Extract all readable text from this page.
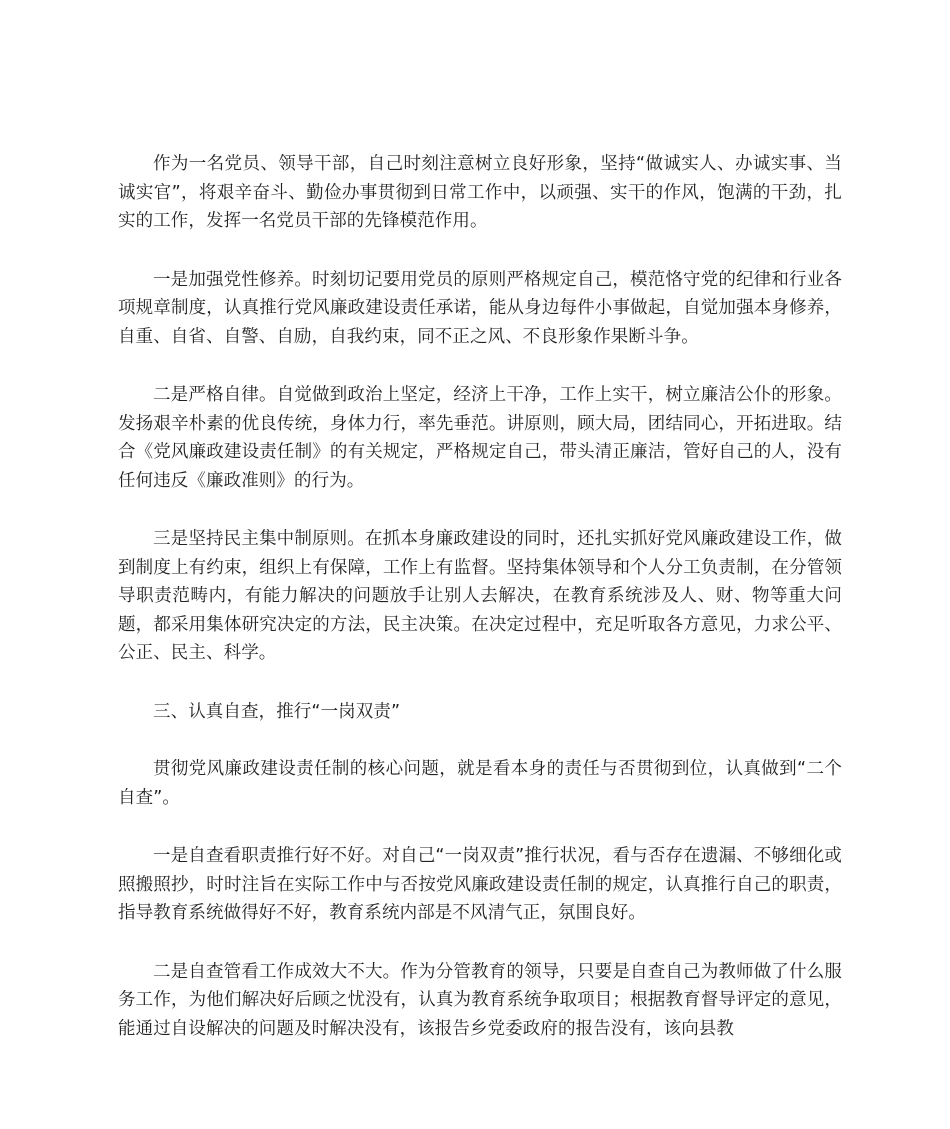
作为一名党员、领导干部，自己时刻注意树立良好形象，坚持“做诚实人、办诚实事、当诚实官”，将艰辛奋斗、勤俭办事贯彻到日常工作中，以顽强、实干的作风，饱满的干劲，扎实的工作，发挥一名党员干部的先锋模范作用。

一是加强党性修养。时刻切记要用党员的原则严格规定自己，模范恪守党的纪律和行业各项规章制度，认真推行党风廉政建设责任承诺，能从身边每件小事做起，自觉加强本身修养，自重、自省、自警、自励，自我约束，同不正之风、不良形象作果断斗争。

二是严格自律。自觉做到政治上坚定，经济上干净，工作上实干，树立廉洁公仆的形象。发扬艰辛朴素的优良传统，身体力行，率先垂范。讲原则，顾大局，团结同心，开拓进取。结合《党风廉政建设责任制》的有关规定，严格规定自己，带头清正廉洁，管好自己的人，没有任何违反《廉政准则》的行为。

三是坚持民主集中制原则。在抓本身廉政建设的同时，还扎实抓好党风廉政建设工作，做到制度上有约束，组织上有保障，工作上有监督。坚持集体领导和个人分工负责制，在分管领导职责范畴内，有能力解决的问题放手让别人去解决，在教育系统涉及人、财、物等重大问题，都采用集体研究决定的方法，民主决策。在决定过程中，充足听取各方意见，力求公平、公正、民主、科学。

三、认真自查，推行“一岗双责”

贯彻党风廉政建设责任制的核心问题，就是看本身的责任与否贯彻到位，认真做到“二个自查”。

一是自查看职责推行好不好。对自己“一岗双责”推行状况，看与否存在遗漏、不够细化或照搬照抄，时时注旨在实际工作中与否按党风廉政建设责任制的规定，认真推行自己的职责，指导教育系统做得好不好，教育系统内部是不风清气正，氛围良好。

二是自查管看工作成效大不大。作为分管教育的领导，只要是自查自己为教师做了什么服务工作，为他们解决好后顾之忧没有，认真为教育系统争取项目；根据教育督导评定的意见，能通过自设解决的问题及时解决没有，该报告乡党委政府的报告没有，该向县教
